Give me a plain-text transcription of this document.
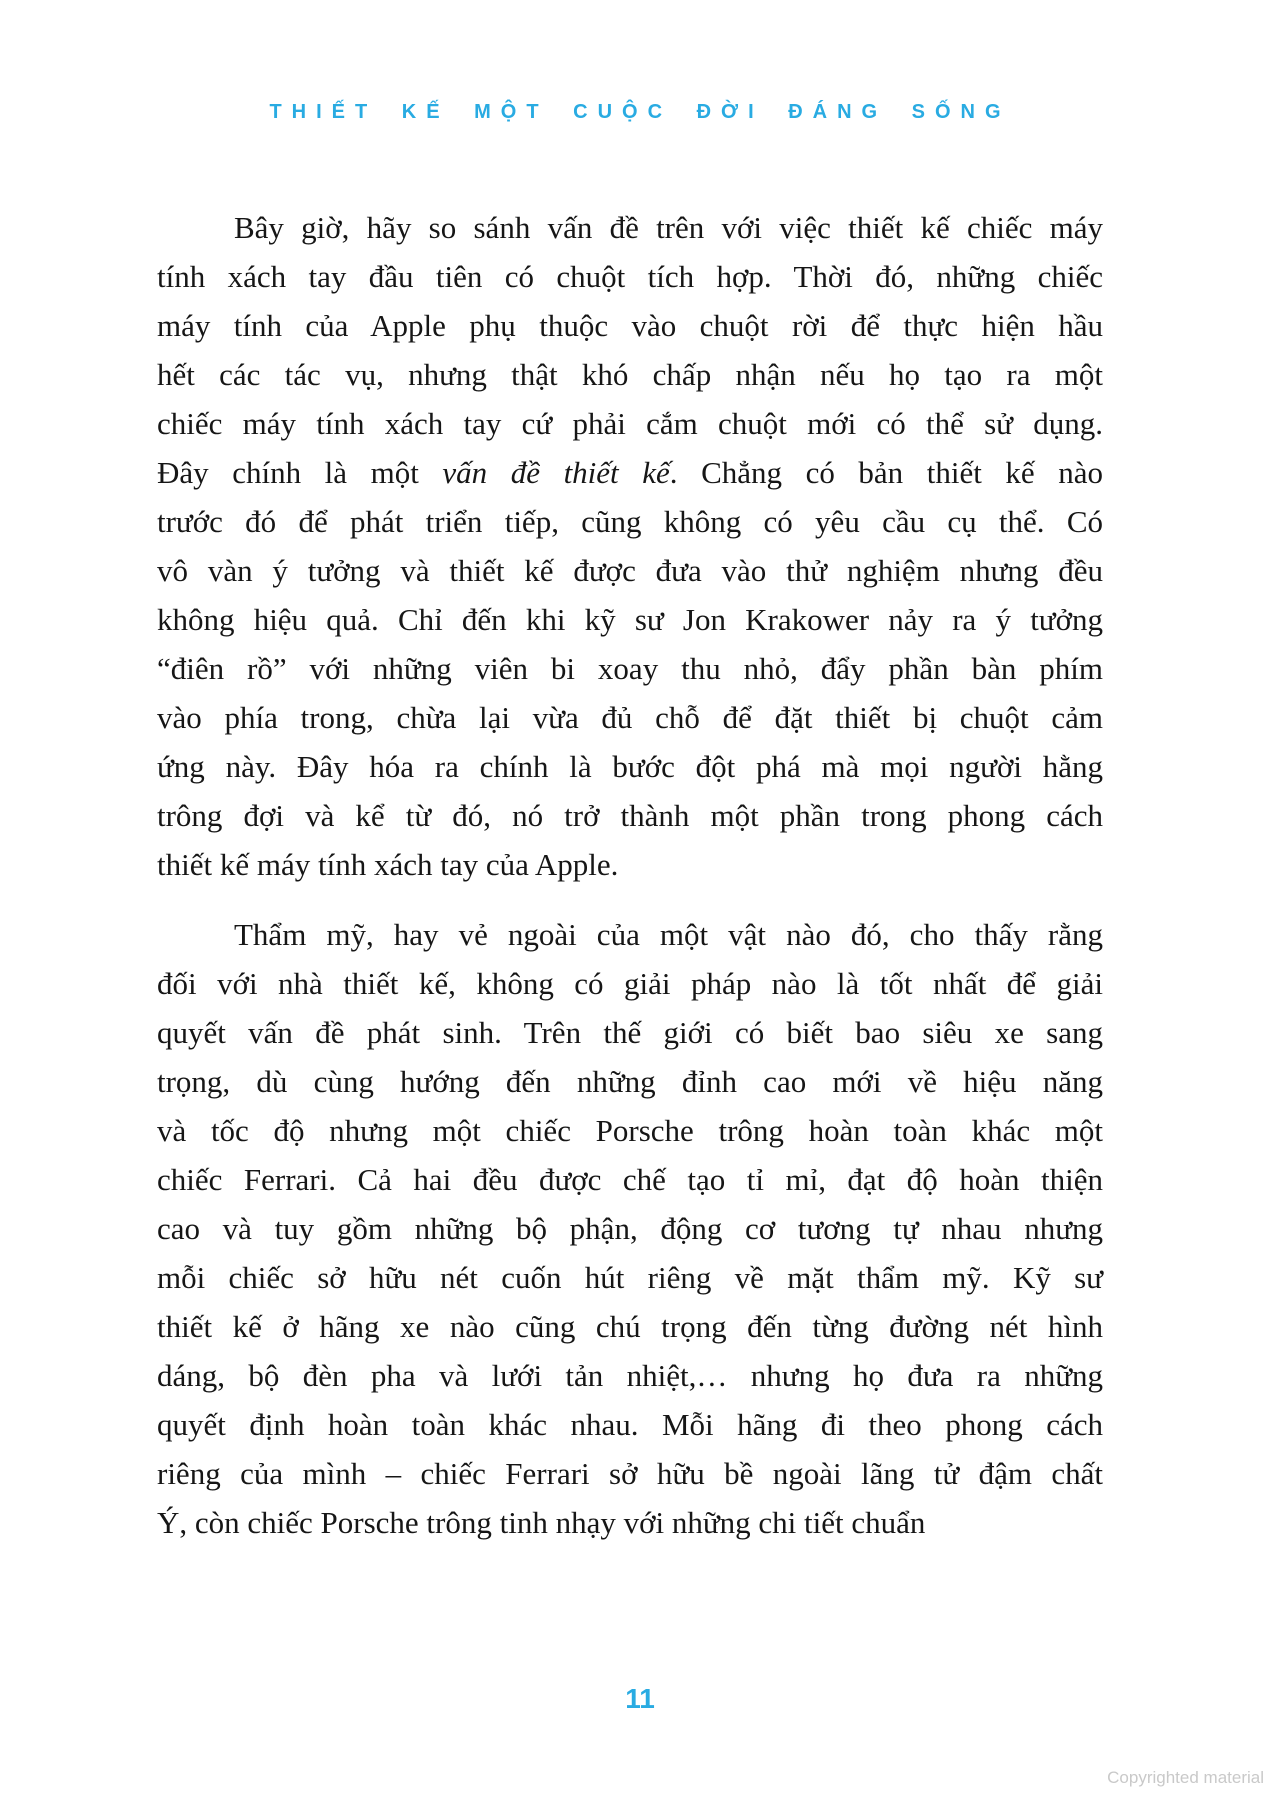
THIẾT KẾ MỘT CUỘC ĐỜI ĐÁNG SỐNG
Bây giờ, hãy so sánh vấn đề trên với việc thiết kế chiếc máy
tính xách tay đầu tiên có chuột tích hợp. Thời đó, những chiếc
máy tính của Apple phụ thuộc vào chuột rời để thực hiện hầu
hết các tác vụ, nhưng thật khó chấp nhận nếu họ tạo ra một
chiếc máy tính xách tay cứ phải cắm chuột mới có thể sử dụng.
Đây chính là một vấn đề thiết kế. Chẳng có bản thiết kế nào
trước đó để phát triển tiếp, cũng không có yêu cầu cụ thể. Có
vô vàn ý tưởng và thiết kế được đưa vào thử nghiệm nhưng đều
không hiệu quả. Chỉ đến khi kỹ sư Jon Krakower nảy ra ý tưởng
“điên rồ” với những viên bi xoay thu nhỏ, đẩy phần bàn phím
vào phía trong, chừa lại vừa đủ chỗ để đặt thiết bị chuột cảm
ứng này. Đây hóa ra chính là bước đột phá mà mọi người hằng
trông đợi và kể từ đó, nó trở thành một phần trong phong cách
thiết kế máy tính xách tay của Apple.
Thẩm mỹ, hay vẻ ngoài của một vật nào đó, cho thấy rằng
đối với nhà thiết kế, không có giải pháp nào là tốt nhất để giải
quyết vấn đề phát sinh. Trên thế giới có biết bao siêu xe sang
trọng, dù cùng hướng đến những đỉnh cao mới về hiệu năng
và tốc độ nhưng một chiếc Porsche trông hoàn toàn khác một
chiếc Ferrari. Cả hai đều được chế tạo tỉ mỉ, đạt độ hoàn thiện
cao và tuy gồm những bộ phận, động cơ tương tự nhau nhưng
mỗi chiếc sở hữu nét cuốn hút riêng về mặt thẩm mỹ. Kỹ sư
thiết kế ở hãng xe nào cũng chú trọng đến từng đường nét hình
dáng, bộ đèn pha và lưới tản nhiệt,… nhưng họ đưa ra những
quyết định hoàn toàn khác nhau. Mỗi hãng đi theo phong cách
riêng của mình – chiếc Ferrari sở hữu bề ngoài lãng tử đậm chất
Ý, còn chiếc Porsche trông tinh nhạy với những chi tiết chuẩn
11
Copyrighted material
